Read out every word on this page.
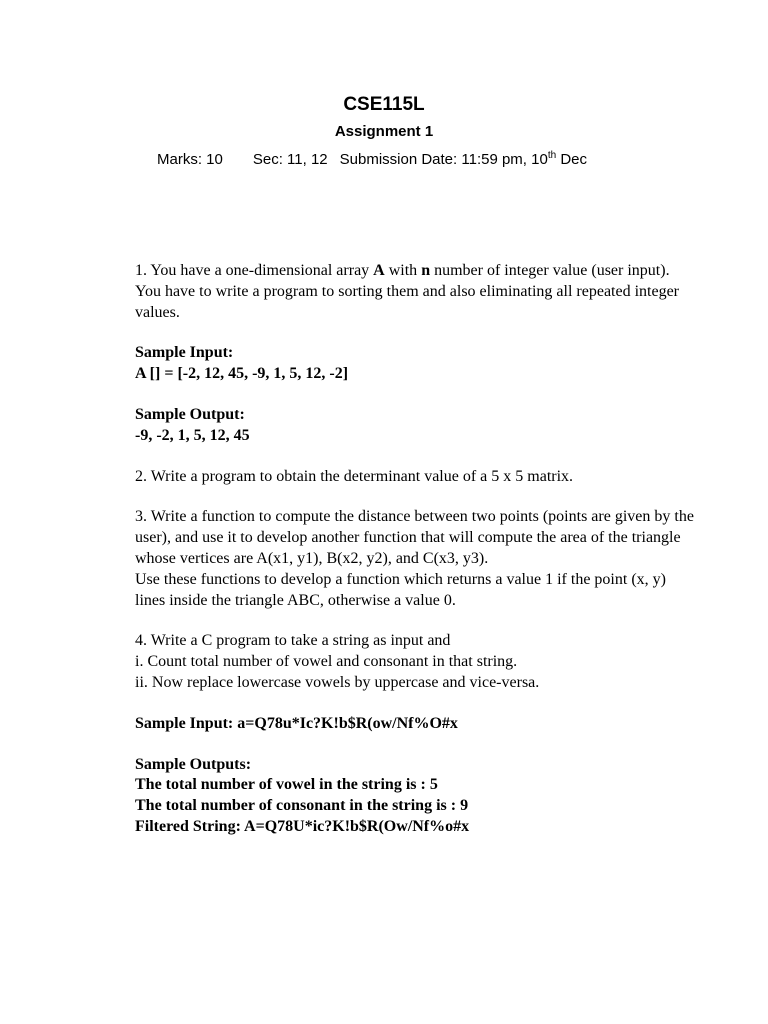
CSE115L
Assignment 1
Marks: 10 Sec: 11, 12 Submission Date: 11:59 pm, 10th Dec

1. You have a one-dimensional array A with n number of integer value (user input). You have to write a program to sorting them and also eliminating all repeated integer values.

Sample Input:

A [] = [-2, 12, 45, -9, 1, 5, 12, -2]

Sample Output:

-9, -2, 1, 5, 12, 45

2. Write a program to obtain the determinant value of a 5 x 5 matrix.

3. Write a function to compute the distance between two points (points are given by the user), and use it to develop another function that will compute the area of the triangle whose vertices are A(x1, y1), B(x2, y2), and C(x3, y3).

Use these functions to develop a function which returns a value 1 if the point (x, y) lines inside the triangle ABC, otherwise a value 0.

4. Write a C program to take a string as input and

i. Count total number of vowel and consonant in that string.

ii. Now replace lowercase vowels by uppercase and vice-versa.

Sample Input: a=Q78u*Ic?K!b$R(ow/Nf%O#x

Sample Outputs:

The total number of vowel in the string is : 5

The total number of consonant in the string is : 9

Filtered String: A=Q78U*ic?K!b$R(Ow/Nf%o#x
